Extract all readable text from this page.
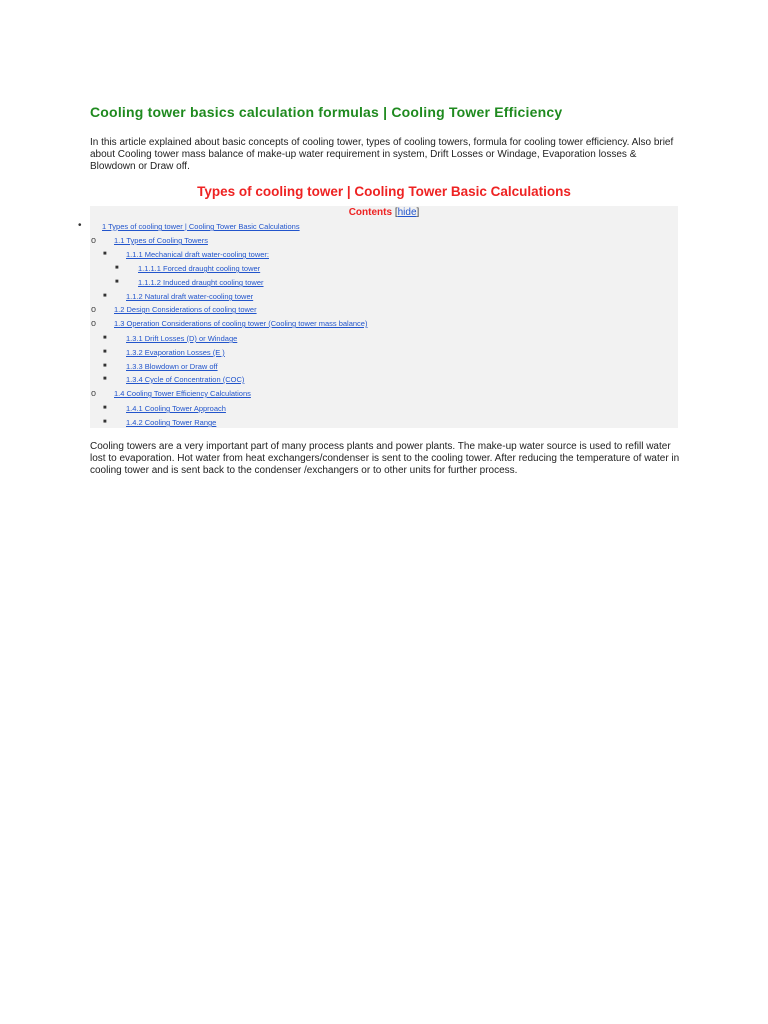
Cooling tower basics calculation formulas | Cooling Tower Efficiency

In this article explained about basic concepts of cooling tower, types of cooling towers, formula for cooling tower efficiency. Also brief about Cooling tower mass balance of make-up water requirement in system, Drift Losses or Windage, Evaporation losses & Blowdown or Draw off.

Types of cooling tower | Cooling Tower Basic Calculations
Contents [hide]
•	1 Types of cooling tower | Cooling Tower Basic Calculations
o 1.1 Types of Cooling Towers
■	1.1.1 Mechanical draft water-cooling tower:
■	1.1.1.1 Forced draught cooling tower
■	1.1.1.2 Induced draught cooling tower
■	1.1.2 Natural draft water-cooling tower
o 1.2 Design Considerations of cooling tower
o 1.3 Operation Considerations of cooling tower (Cooling tower mass balance)
■	1.3.1 Drift Losses (D) or Windage
■	1.3.2 Evaporation Losses (E )
■	1.3.3 Blowdown or Draw off
■	1.3.4 Cycle of Concentration (COC)
o 1.4 Cooling Tower Efficiency Calculations
■	1.4.1 Cooling Tower Approach
■	1.4.2 Cooling Tower Range

Cooling towers are a very important part of many process plants and power plants. The make-up water source is used to refill water lost to evaporation. Hot water from heat exchangers/condenser is sent to the cooling tower. After reducing the temperature of water in cooling tower and is sent back to the condenser /exchangers or to other units for further process.
